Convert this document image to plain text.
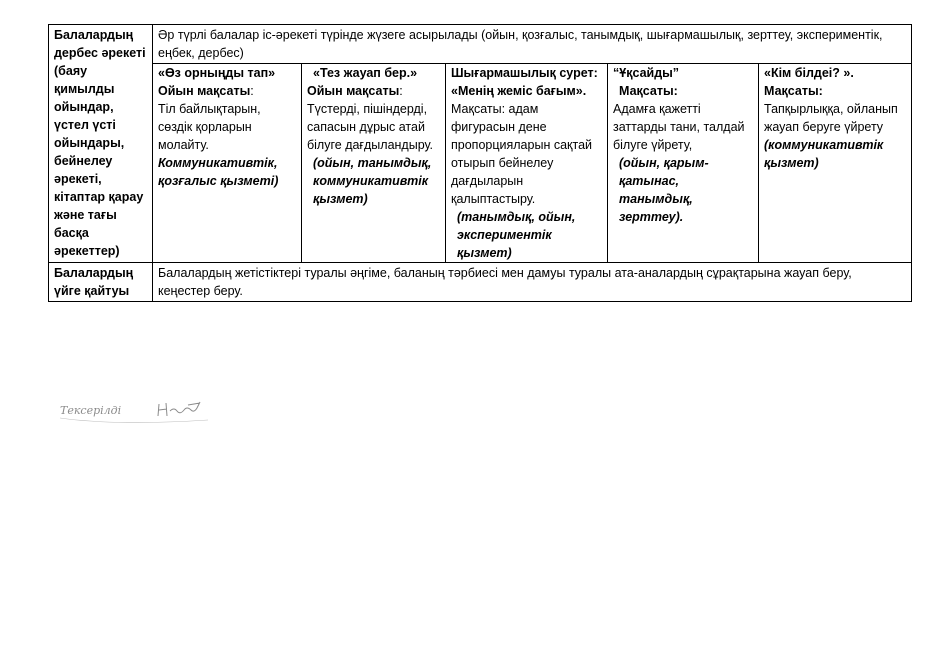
Балалардың дербес әрекеті (баяу қимылды ойындар, үстел үсті ойындары, бейнелеу әрекеті, кітаптар қарау және тағы басқа әрекеттер)	Әр түрлі балалар іс-әрекеті түрінде жүзеге асырылады (ойын, қозғалыс, танымдық, шығармашылық, зерттеу, экспериментік, еңбек, дербес)				

	«Өз орныңды тап»
Ойын мақсаты:
Тіл байлықтарын, сөздік қорларын молайту.
Коммуникативтік, қозғалыс қызметі)	«Тез жауап бер.»
Ойын мақсаты:
Түстерді, пішіндерді, сапасын дұрыс атай білуге дағдыландыру.
(ойын, танымдық, коммуникативтік қызмет)	Шығармашылық сурет: «Менің жеміс бағым».
Мақсаты: адам фигурасын дене пропорцияларын сақтай отырып бейнелеу дағдыларын қалыптастыру.
(танымдық, ойын, экспериментік қызмет)	“Ұқсайды”
Мақсаты:
Адамға қажетті заттарды тани, талдай білуге үйрету,
(ойын, қарым-қатынас, танымдық, зерттеу).	«Кім білдеі? ».
Мақсаты:
Тапқырлыққа, ойланып жауап беруге үйрету
(коммуникативтік қызмет)

Балалардың үйге қайтуы	Балалардың жетістіктері туралы әңгіме, баланың тәрбиесі мен дамуы туралы ата-аналардың сұрақтарына жауап беру, кеңестер беру.				
Тексерілді
